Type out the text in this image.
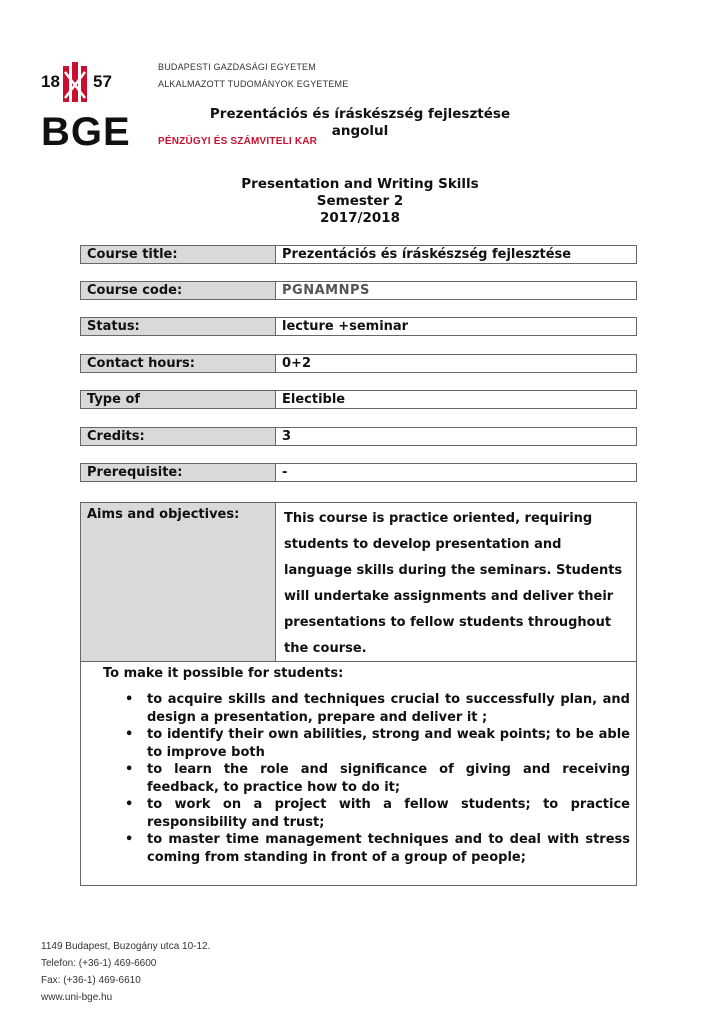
18 57
BGE
BUDAPESTI GAZDASÁGI EGYETEM
ALKALMAZOTT TUDOMÁNYOK EGYETEME
PÉNZÜGYI ÉS SZÁMVITELI KAR
Prezentációs és íráskészség fejlesztése
angolul
Presentation and Writing Skills
Semester 2
2017/2018
Course title:	Prezentációs és íráskészség fejlesztése
Course code:	PGNAMNPS
Status:	lecture +seminar
Contact hours:	0+2
Type of	Electible
Credits:	3
Prerequisite:	-
Aims and objectives:	This course is practice oriented, requiring students to develop presentation and language skills during the seminars. Students will undertake assignments and deliver their presentations to fellow students throughout the course.
To make it possible for students:
• to acquire skills and techniques crucial to successfully plan, and design a presentation, prepare and deliver it ;
• to identify their own abilities, strong and weak points; to be able to improve both
• to learn the role and significance of giving and receiving feedback, to practice how to do it;
• to work on a project with a fellow students; to practice responsibility and trust;
• to master time management techniques and to deal with stress coming from standing in front of a group of people;
1149 Budapest, Buzogány utca 10-12.
Telefon: (+36-1) 469-6600
Fax: (+36-1) 469-6610
www.uni-bge.hu
